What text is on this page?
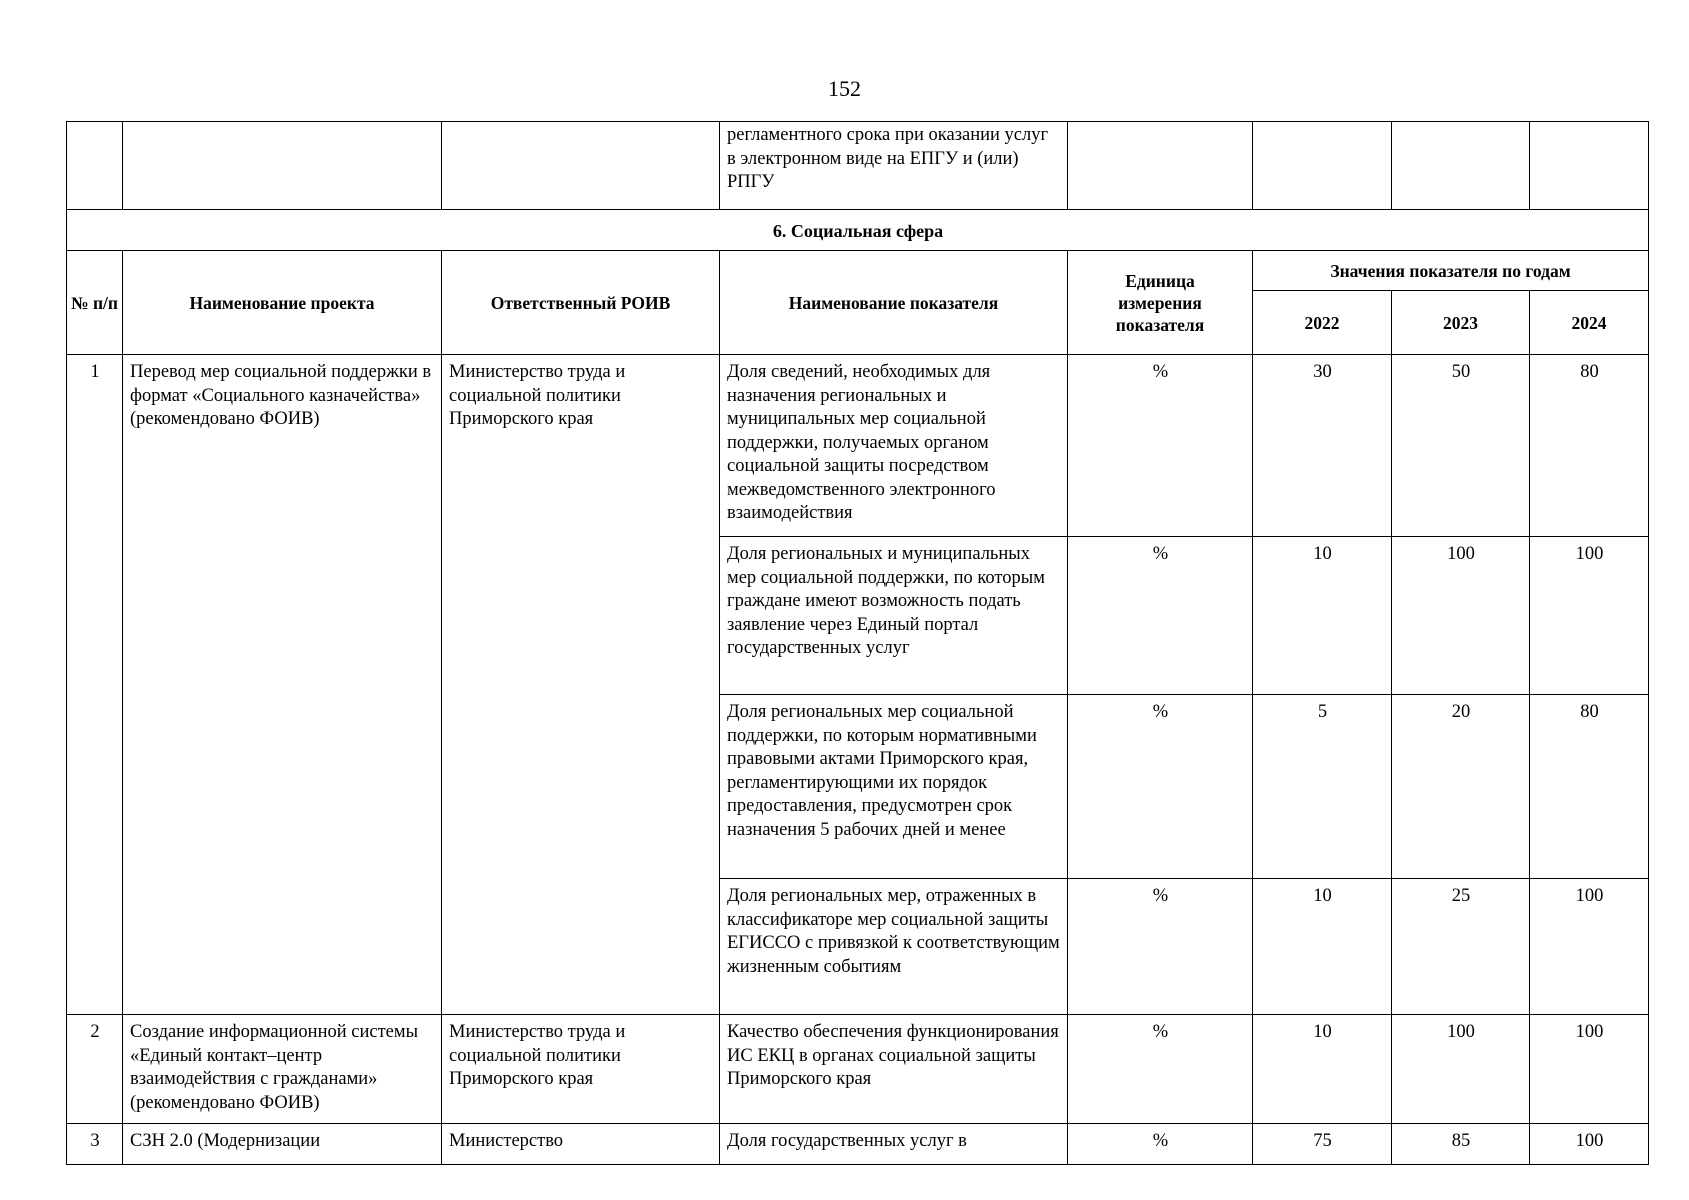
152
			регламентного срока при оказании услуг в электронном виде на ЕПГУ и (или) РПГУ				
6. Социальная сфера							
№ п/п	Наименование проекта	Ответственный РОИВ	Наименование показателя	Единица измерения показателя	Значения показателя по годам		
					2022	2023	2024
1	Перевод мер социальной поддержки в формат «Социального казначейства» (рекомендовано ФОИВ)	Министерство труда и социальной политики Приморского края	Доля сведений, необходимых для назначения региональных и муниципальных мер социальной поддержки, получаемых органом социальной защиты посредством межведомственного электронного взаимодействия	%	30	50	80
			Доля региональных и муниципальных мер социальной поддержки, по которым граждане имеют возможность подать заявление через Единый портал государственных услуг	%	10	100	100
			Доля региональных мер социальной поддержки, по которым нормативными правовыми актами Приморского края, регламентирующими их порядок предоставления, предусмотрен срок назначения 5 рабочих дней и менее	%	5	20	80
			Доля региональных мер, отраженных в классификаторе мер социальной защиты ЕГИССО с привязкой к соответствующим жизненным событиям	%	10	25	100
2	Создание информационной системы «Единый контакт–центр взаимодействия с гражданами» (рекомендовано ФОИВ)	Министерство труда и социальной политики Приморского края	Качество обеспечения функционирования ИС ЕКЦ в органах социальной защиты Приморского края	%	10	100	100
3	СЗН 2.0 (Модернизации	Министерство	Доля государственных услуг в	%	75	85	100
